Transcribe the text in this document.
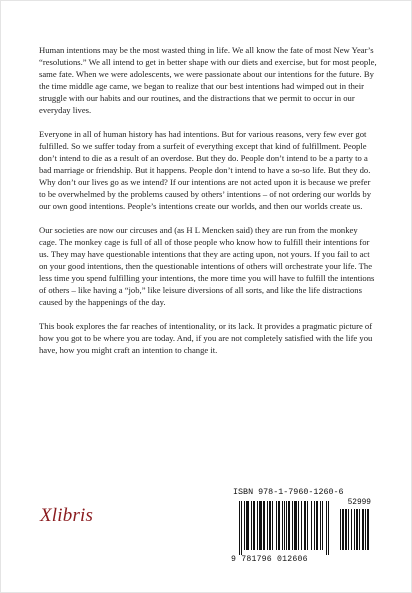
Human intentions may be the most wasted thing in life. We all know the fate of most New Year’s “resolutions.” We all intend to get in better shape with our diets and exercise, but for most people, same fate. When we were adolescents, we were passionate about our intentions for the future. By the time middle age came, we began to realize that our best intentions had wimped out in their struggle with our habits and our routines, and the distractions that we permit to occur in our everyday lives.

Everyone in all of human history has had intentions. But for various reasons, very few ever got fulfilled. So we suffer today from a surfeit of everything except that kind of fulfillment. People don’t intend to die as a result of an overdose. But they do. People don’t intend to be a party to a bad marriage or friendship. But it happens. People don’t intend to have a so-so life. But they do. Why don’t our lives go as we intend? If our intentions are not acted upon it is because we prefer to be overwhelmed by the problems caused by others’ intentions – of not ordering our worlds by our own good intentions. People’s intentions create our worlds, and then our worlds create us.

Our societies are now our circuses and (as H L Mencken said) they are run from the monkey cage. The monkey cage is full of all of those people who know how to fulfill their intentions for us. They may have questionable intentions that they are acting upon, not yours. If you fail to act on your good intentions, then the questionable intentions of others will orchestrate your life. The less time you spend fulfilling your intentions, the more time you will have to fulfill the intentions of others – like having a “job,” like leisure diversions of all sorts, and like the life distractions caused by the happenings of the day.

This book explores the far reaches of intentionality, or its lack. It provides a pragmatic picture of how you got to be where you are today. And, if you are not completely satisfied with the life you have, how you might craft an intention to change it.

Xlibris
ISBN 978-1-7960-1260-6
52999
9 781796 012606
